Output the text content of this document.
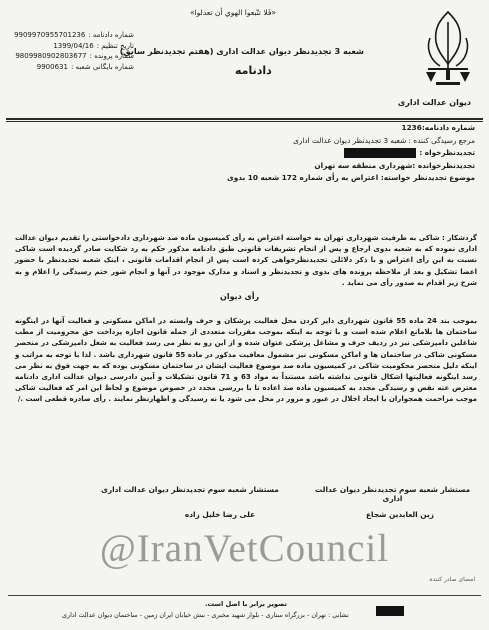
دیوان عدالت اداری
«فَلا تتّبعوا الهوي أن تعدلوا»
شماره دادنامه :
9909970955701236
تاریخ تنظیم :
1399/04/16
شماره پرونده :
9809980902803677
شماره بایگانی شعبه :
9900631
شعبه 3 تجدیدنظر دیوان عدالت اداری (هفتم تجدیدنظر سابق)
دادنامه
شماره دادنامه:1236
مرجع رسیدگی کننده : شعبه 3 تجدیدنظر دیوان عدالت اداری
تجدیدنظرخواه :
تجدیدنظرخوانده :شهرداری منطقه سه تهران
موضوع تجدیدنظر خواسته: اعتراض به رأی شماره 172 شعبه 10 بدوی
گردشکار : شاکی به طرفیت شهرداری تهران به خواسته اعتراض به رأی کمیسیون ماده صد شهرداری دادخواستی را تقدیم دیوان عدالت اداری نموده که به شعبه بدوی ارجاع و پس از انجام تشریفات قانونی طبق دادنامه مذکور حکم به رد شکایت صادر گردیده است شاکی نسبت به این رأی اعتراض و با ذکر دلائلی تجدیدنظرخواهی کرده است پس از انجام اقدامات قانونی ، اینک شعبه تجدیدنظر با حضور اعضا تشکیل و بعد از ملاحظه پرونده های بدوی و تجدیدنظر و اسناد و مدارک موجود در آنها و انجام شور ختم رسیدگی را اعلام و به شرح زیر اقدام به صدور رأی می نماید .
رأی دیوان
بموجب بند 24 ماده 55 قانون شهرداری دایر کردن محل فعالیت پزشکان و حرف وابسته در اماکن مسکونی و فعالیت آنها در اینگونه ساختمان ها بلامانع اعلام شده است و با توجه به اینکه بموجب مقررات متعددی از جمله قانون اجازه پرداخت حق محرومیت از مطب شاغلین دامپزشکی نیز در ردیف حرف و مشاغل پزشکی عنوان شده و از این رو به نظر می رسد فعالیت به شغل دامپزشکی در منحصر مسکونی شاکی در ساختمان ها و اماکن مسکونی نیز مشمول معافیت مذکور در ماده 55 قانون شهرداری باشد . لذا با توجه به مراتب و اینکه دلیل منحصر محکومیت شاکی در کمیسیون ماده صد موضوع فعالیت ایشان در ساختمان مسکونی بوده که به جهت فوق به نظر می رسد اینگونه فعالیتها اشکال قانونی نداشته باشد مستنداً به مواد 63 و 71 قانون تشکیلات و آیین دادرسی دیوان عدالت اداری دادنامه معترض عنه نقض و رسیدگی مجدد به کمیسیون ماده صد اعاده تا با بررسی مجدد در خصوص موضوع و لحاظ این امر که فعالیت شاکی موجب مزاحمت همجواران یا ایجاد اخلال در عبور و مرور در محل می شود یا نه رسیدگی و اظهارنظر نمایند . رأی صادره قطعی است ./
مستشار شعبه سوم تجدیدنظر دیوان عدالت اداری
مستشار شعبه سوم تجدیدنظر دیوان عدالت اداری
زین العابدین شجاع
علی رضا خلیل زاده
@IranVetCouncil
امضای صادر کننده
تصویر برابر با اصل است.
نشانی : تهران - بزرگراه ستاری - بلوار شهید مخبری - نبش خیابان ایران زمین - ساختمان دیوان عدالت اداری
